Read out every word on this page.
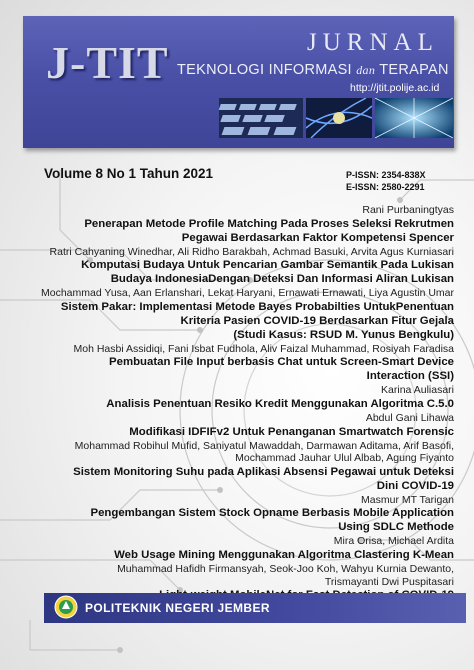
J-TIT	JURNAL
TEKNOLOGI INFORMASI dan TERAPAN
http://jtit.polije.ac.id
Volume 8 No 1 Tahun 2021	P-ISSN: 2354-838X
E-ISSN: 2580-2291
Rani Purbaningtyas
Penerapan Metode Profile Matching Pada Proses Seleksi Rekrutmen
Pegawai Berdasarkan Faktor Kompetensi Spencer
Ratri Cahyaning Winedhar, Ali Ridho Barakbah, Achmad Basuki, Arvita Agus Kurniasari
Komputasi Budaya Untuk Pencarian Gambar Semantik Pada Lukisan
Budaya IndonesiaDengan Deteksi Dan Informasi Aliran Lukisan
Mochammad Yusa, Aan Erlanshari, Lekat Haryani, Ernawati Ernawati, Liya Agustin Umar
Sistem Pakar: Implementasi Metode Bayes Probabilties UntukPenentuan
Kriteria Pasien COVID-19 Berdasarkan Fitur Gejala
(Studi Kasus: RSUD M. Yunus Bengkulu)
Moh Hasbi Assidiqi, Fani Isbat Fudhola, Aliv Faizal Muhammad, Rosiyah Faradisa
Pembuatan File Input berbasis Chat untuk Screen-Smart Device
Interaction (SSI)
Karina Auliasari
Analisis Penentuan Resiko Kredit Menggunakan Algoritma C.5.0
Abdul Gani Lihawa
Modifikasi IDFIFv2 Untuk Penanganan Smartwatch Forensic
Mohammad Robihul Mufid, Saniyatul Mawaddah, Darmawan Aditama, Arif Basofi,
Mochammad Jauhar Ulul Albab, Agung Fiyanto
Sistem Monitoring Suhu pada Aplikasi Absensi Pegawai untuk Deteksi
Dini COVID-19
Masmur MT Tarigan
Pengembangan Sistem Stock Opname Berbasis Mobile Application
Using SDLC Methode
Mira Orisa, Michael Ardita
Web Usage Mining Menggunakan Algoritma Clastering K-Mean
Muhammad Hafidh Firmansyah, Seok-Joo Koh, Wahyu Kurnia Dewanto,
Trismayanti Dwi Puspitasari
POLITEKNIK NEGERI JEMBER
